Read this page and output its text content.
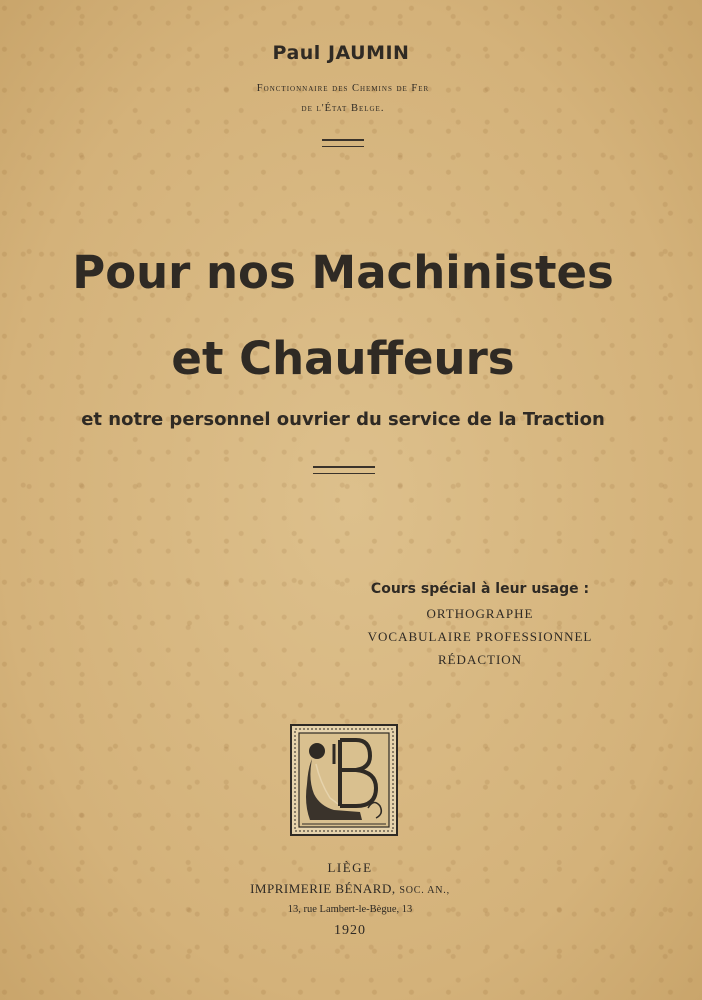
Paul JAUMIN
Fonctionnaire des Chemins de Fer
de l'État Belge.
Pour nos Machinistes
et Chauffeurs
et notre personnel ouvrier du service de la Traction
Cours spécial à leur usage :
ORTHOGRAPHE
VOCABULAIRE PROFESSIONNEL
RÉDACTION
LIÈGE
IMPRIMERIE BÉNARD, SOC. AN.,
13, rue Lambert-le-Bègue, 13
1920
